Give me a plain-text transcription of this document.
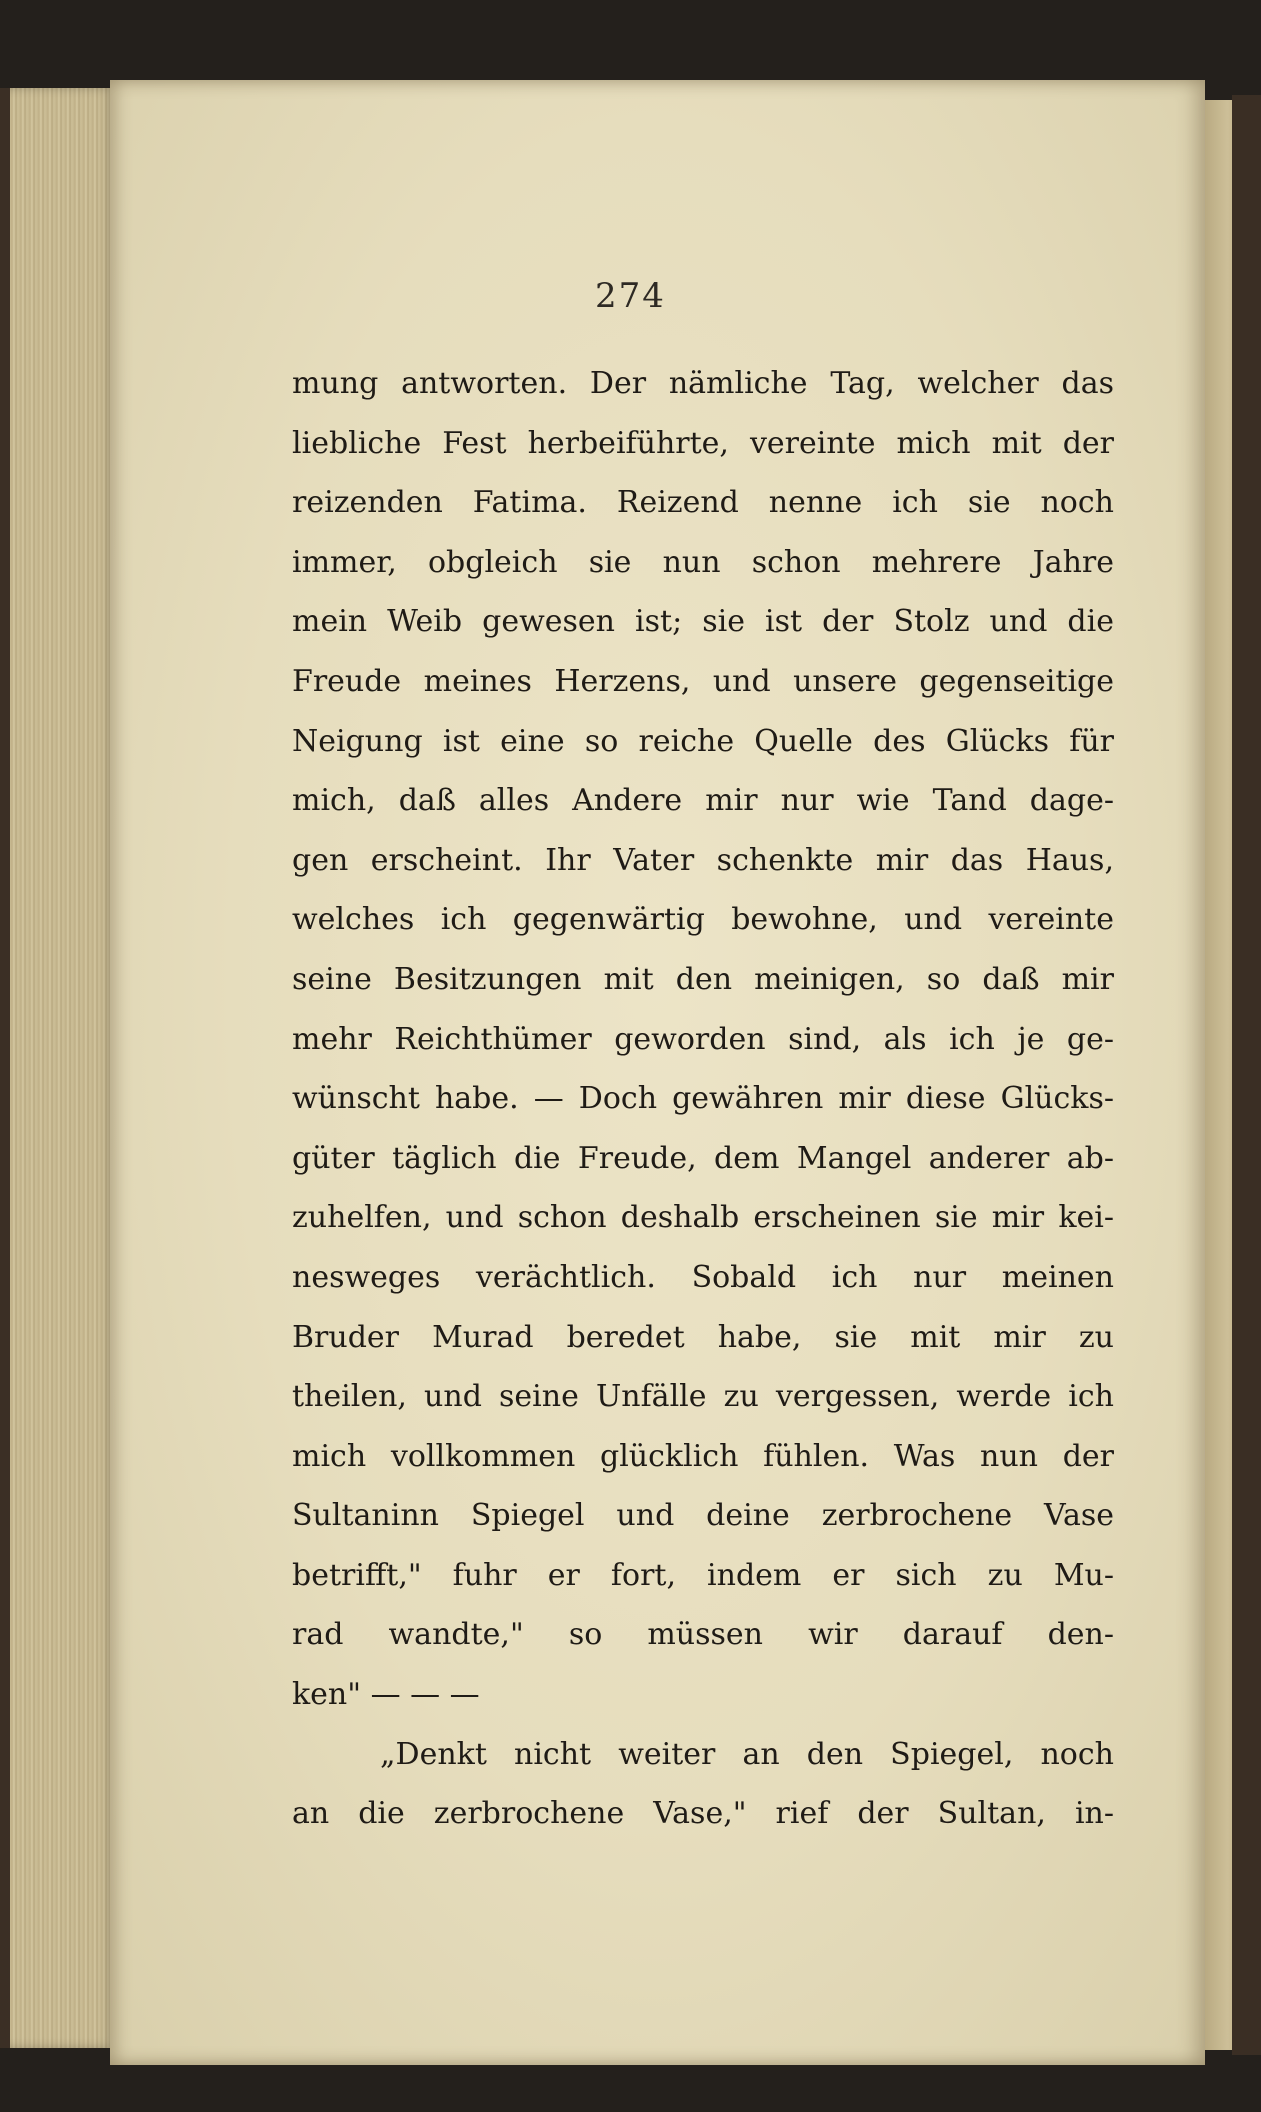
274
mung antworten. Der nämliche Tag, welcher das
liebliche Fest herbeiführte, vereinte mich mit der
reizenden Fatima. Reizend nenne ich sie noch
immer, obgleich sie nun schon mehrere Jahre
mein Weib gewesen ist; sie ist der Stolz und die
Freude meines Herzens, und unsere gegenseitige
Neigung ist eine so reiche Quelle des Glücks für
mich, daß alles Andere mir nur wie Tand dage-
gen erscheint. Ihr Vater schenkte mir das Haus,
welches ich gegenwärtig bewohne, und vereinte
seine Besitzungen mit den meinigen, so daß mir
mehr Reichthümer geworden sind, als ich je ge-
wünscht habe. — Doch gewähren mir diese Glücks-
güter täglich die Freude, dem Mangel anderer ab-
zuhelfen, und schon deshalb erscheinen sie mir kei-
nesweges verächtlich. Sobald ich nur meinen
Bruder Murad beredet habe, sie mit mir zu
theilen, und seine Unfälle zu vergessen, werde ich
mich vollkommen glücklich fühlen. Was nun der
Sultaninn Spiegel und deine zerbrochene Vase
betrifft," fuhr er fort, indem er sich zu Mu-
rad wandte," so müssen wir darauf den-
ken" — — —
„Denkt nicht weiter an den Spiegel, noch
an die zerbrochene Vase," rief der Sultan, in-
